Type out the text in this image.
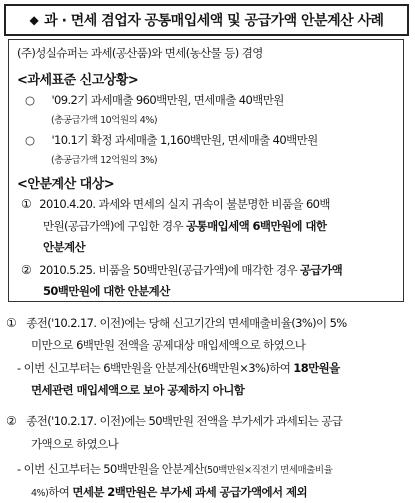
◆ 과 · 면세 겸업자 공통매입세액 및 공급가액 안분계산 사례
(주)성실슈퍼는 과세(공산품)와 면세(농산물 등) 겸영
<과세표준 신고상황>
○ '09.2기 과세매출 960백만원, 면세매출 40백만원
(총공급가액 10억원의 4%)
○ '10.1기 확정 과세매출 1,160백만원, 면세매출 40백만원
(총공급가액 12억원의 3%)
<안분계산 대상>
① 2010.4.20. 과세와 면세의 실지 귀속이 불분명한 비품을 60백
만원(공급가액)에 구입한 경우 공통매입세액 6백만원에 대한
안분계산
② 2010.5.25. 비품을 50백만원(공급가액)에 매각한 경우 공급가액
50백만원에 대한 안분계산
① 종전('10.2.17. 이전)에는 당해 신고기간의 면세매출비율(3%)이 5%
미만으로 6백만원 전액을 공제대상 매입세액으로 하였으나
- 이번 신고부터는 6백만원을 안분계산(6백만원×3%)하여 18만원을
면세관련 매입세액으로 보아 공제하지 아니함
② 종전('10.2.17. 이전)에는 50백만원 전액을 부가세가 과세되는 공급
가액으로 하였으나
- 이번 신고부터는 50백만원을 안분계산(50백만원×직전기 면세매출비율
4%)하여 면세분 2백만원은 부가세 과세 공급가액에서 제외
